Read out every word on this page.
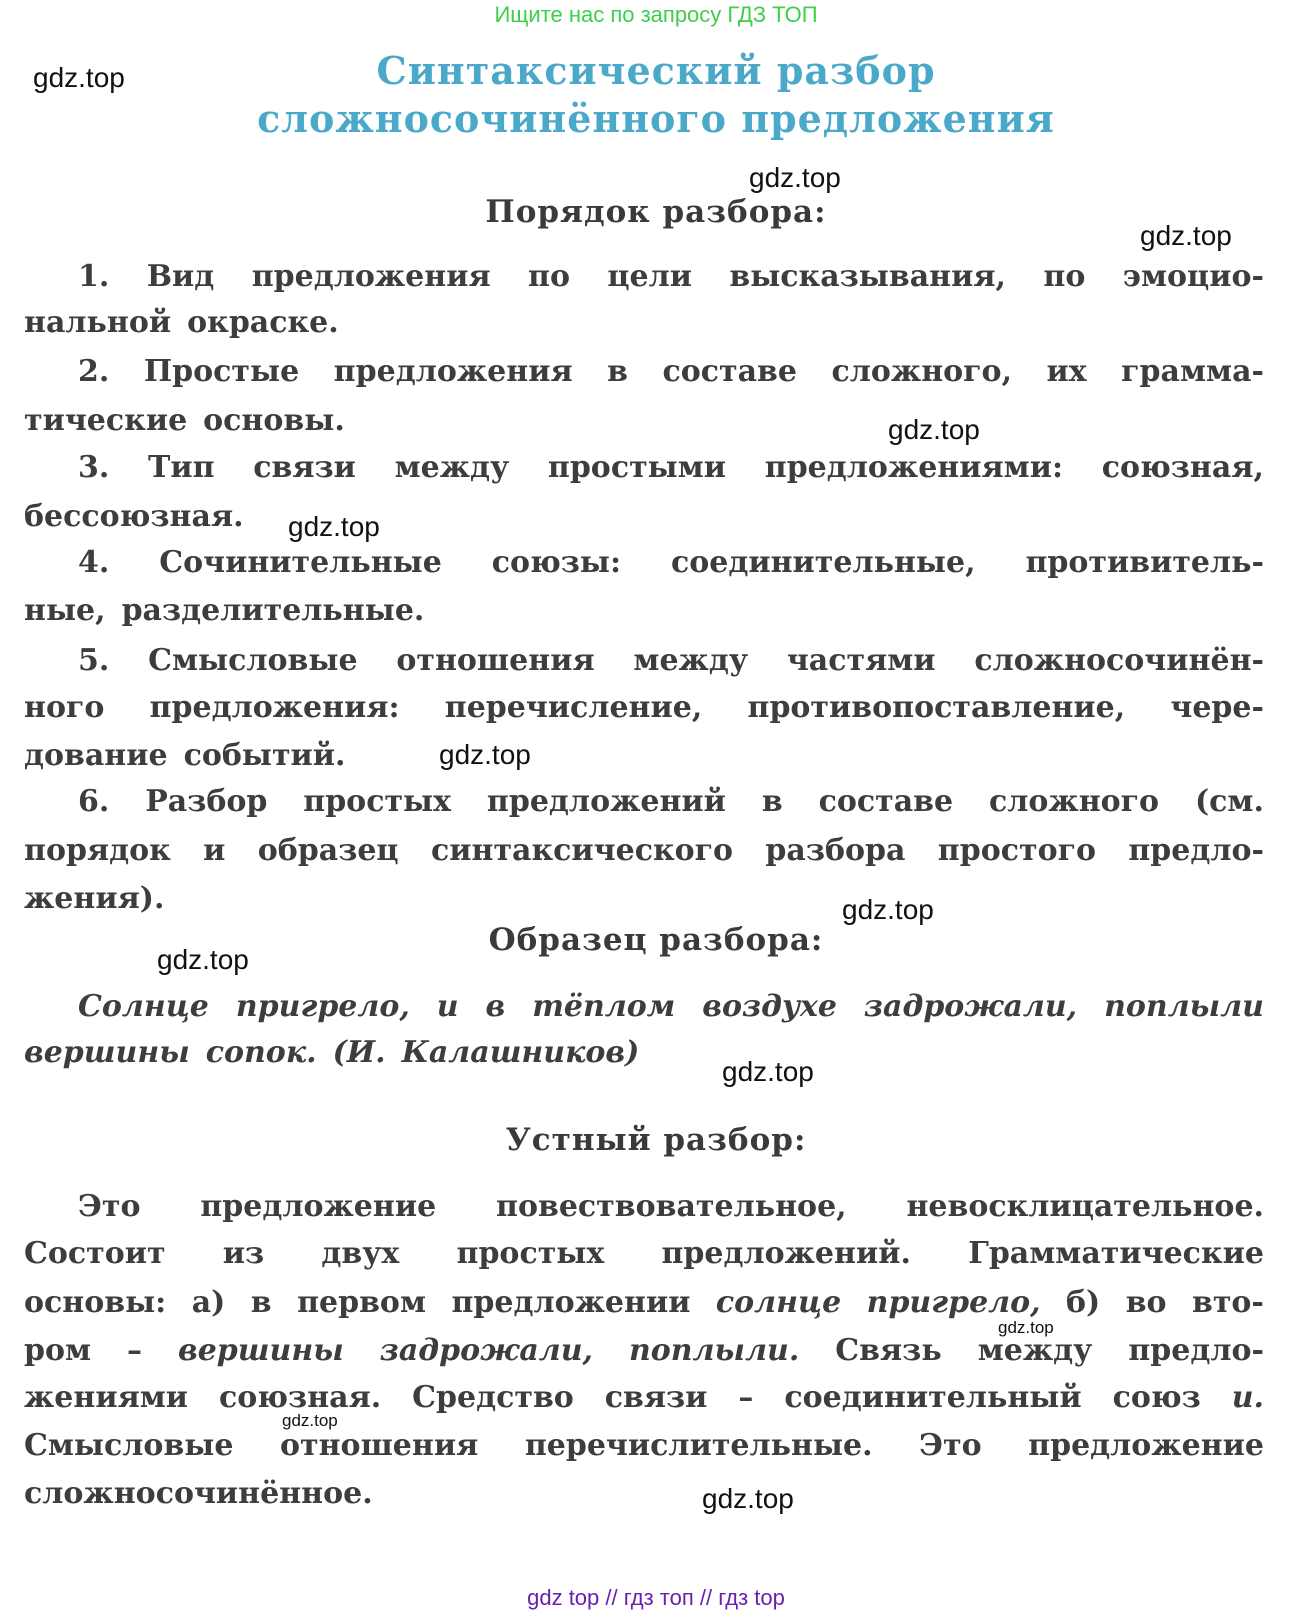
Ищите нас по запросу ГДЗ ТОП
Синтаксический разбор
сложносочинённого предложения
Порядок разбора:
1. Вид предложения по цели высказывания, по эмоцио-
нальной окраске.
2. Простые предложения в составе сложного, их грамма-
тические основы.
3. Тип связи между простыми предложениями: союзная,
бессоюзная.
4. Сочинительные союзы: соединительные, противитель-
ные, разделительные.
5. Смысловые отношения между частями сложносочинён-
ного предложения: перечисление, противопоставление, чере-
дование событий.
6. Разбор простых предложений в составе сложного (см.
порядок и образец синтаксического разбора простого предло-
жения).
Образец разбора:
Солнце пригрело, и в тёплом воздухе задрожали, поплыли
вершины сопок. (И. Калашников)
Устный разбор:
Это предложение повествовательное, невосклицательное.
Состоит из двух простых предложений. Грамматические
основы: а) в первом предложении солнце пригрело, б) во вто-
ром – вершины задрожали, поплыли. Связь между предло-
жениями союзная. Средство связи – соединительный союз и.
Смысловые отношения перечислительные. Это предложение
сложносочинённое.
gdz.top
gdz.top
gdz.top
gdz.top
gdz.top
gdz.top
gdz.top
gdz.top
gdz.top
gdz.top
gdz.top
gdz.top
gdz top // гдз топ // гдз top
